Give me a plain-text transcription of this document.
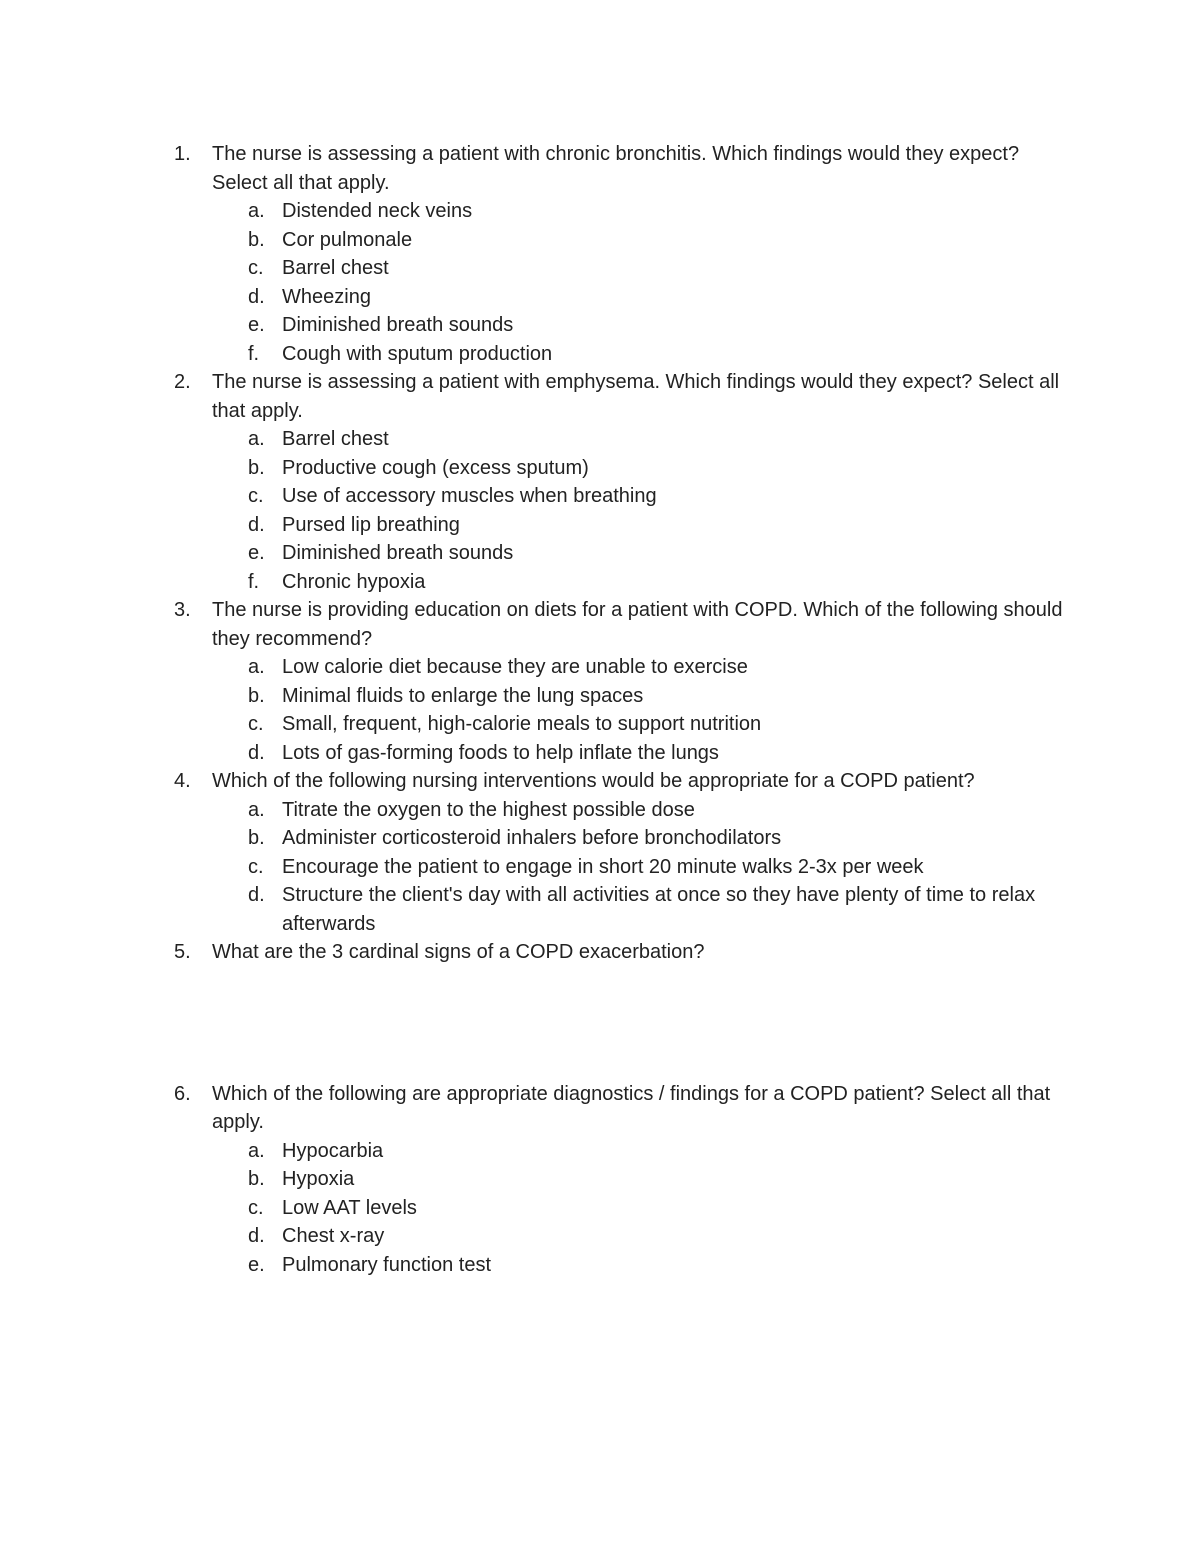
1. The nurse is assessing a patient with chronic bronchitis. Which findings would they expect? Select all that apply.
a. Distended neck veins
b. Cor pulmonale
c. Barrel chest
d. Wheezing
e. Diminished breath sounds
f. Cough with sputum production
2. The nurse is assessing a patient with emphysema. Which findings would they expect? Select all that apply.
a. Barrel chest
b. Productive cough (excess sputum)
c. Use of accessory muscles when breathing
d. Pursed lip breathing
e. Diminished breath sounds
f. Chronic hypoxia
3. The nurse is providing education on diets for a patient with COPD. Which of the following should they recommend?
a. Low calorie diet because they are unable to exercise
b. Minimal fluids to enlarge the lung spaces
c. Small, frequent, high-calorie meals to support nutrition
d. Lots of gas-forming foods to help inflate the lungs
4. Which of the following nursing interventions would be appropriate for a COPD patient?
a. Titrate the oxygen to the highest possible dose
b. Administer corticosteroid inhalers before bronchodilators
c. Encourage the patient to engage in short 20 minute walks 2-3x per week
d. Structure the client's day with all activities at once so they have plenty of time to relax afterwards
5. What are the 3 cardinal signs of a COPD exacerbation?
6. Which of the following are appropriate diagnostics / findings for a COPD patient? Select all that apply.
a. Hypocarbia
b. Hypoxia
c. Low AAT levels
d. Chest x-ray
e. Pulmonary function test
